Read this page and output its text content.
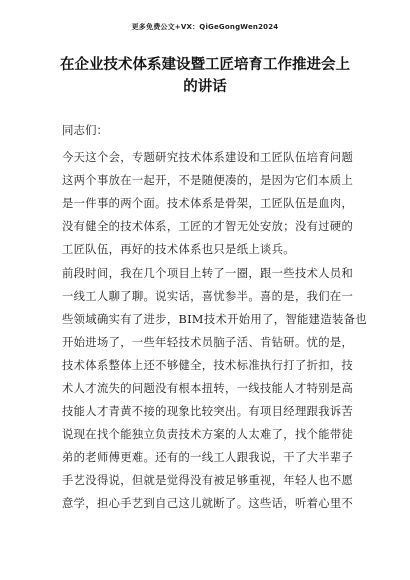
更多免费公文+VX：QiGeGongWen2024
在企业技术体系建设暨工匠培育工作推进会上
的讲话
同志们：
今天这个会，专题研究技术体系建设和工匠队伍培育问题
这两个事放在一起开，不是随便凑的，是因为它们本质上
是一件事的两个面。技术体系是骨架，工匠队伍是血肉，
没有健全的技术体系，工匠的才智无处安放；没有过硬的
工匠队伍，再好的技术体系也只是纸上谈兵。
前段时间，我在几个项目上转了一圈，跟一些技术人员和
一线工人聊了聊。说实话，喜忧参半。喜的是，我们在一
些领域确实有了进步，BIM技术开始用了，智能建造装备也
开始进场了，一些年轻技术员脑子活、肯钻研。忧的是，
技术体系整体上还不够健全，技术标准执行打了折扣，技
术人才流失的问题没有根本扭转，一线技能人才特别是高
技能人才青黄不接的现象比较突出。有项目经理跟我诉苦
说现在找个能独立负责技术方案的人太难了，找个能带徒
弟的老师傅更难。还有的一线工人跟我说，干了大半辈子
手艺没得说，但就是觉得没有被足够重视，年轻人也不愿
意学，担心手艺到自己这儿就断了。这些话，听着心里不
